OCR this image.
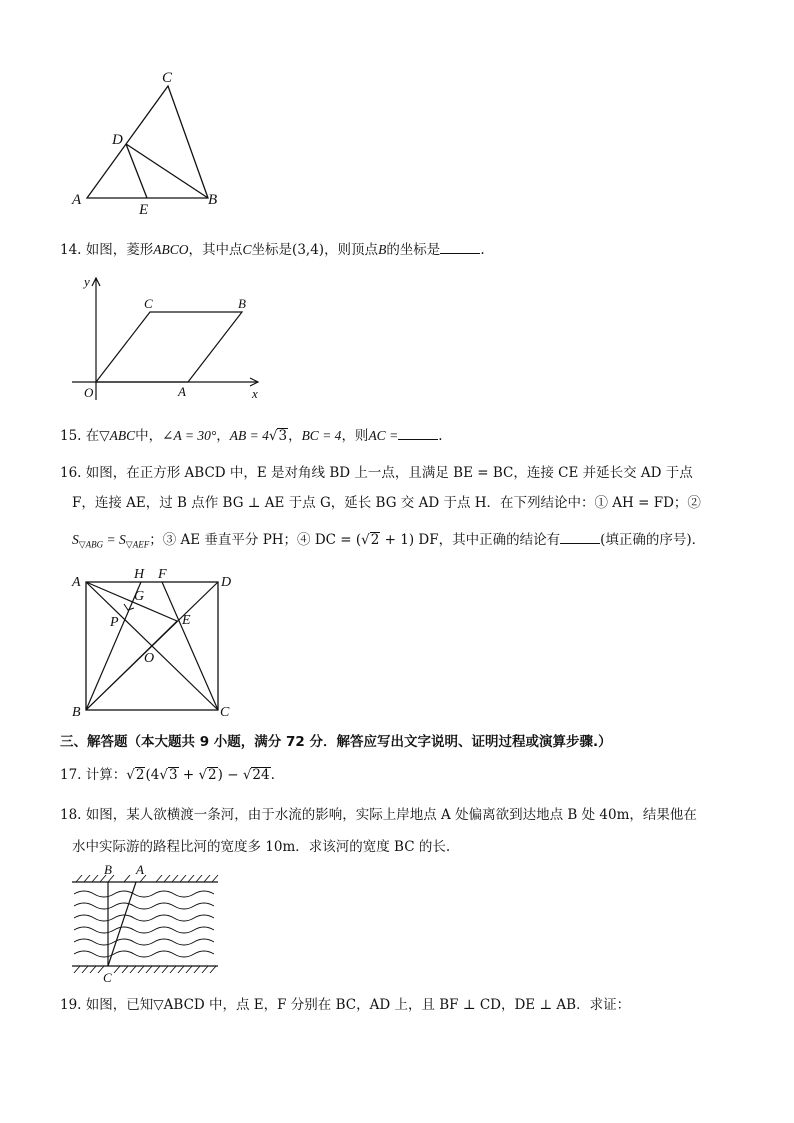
C
D
A
E
B
14. 如图，菱形ABCO，其中点C坐标是(3,4)，则顶点B的坐标是	.
y
x
O	A
C	B
15. 在▽ABC中，∠A = 30°，AB = 4√3，BC = 4，则AC =	.
16. 如图，在正方形 ABCD 中，E 是对角线 BD 上一点，且满足 BE = BC，连接 CE 并延长交 AD 于点
F，连接 AE，过 B 点作 BG ⊥ AE 于点 G，延长 BG 交 AD 于点 H．在下列结论中：① AH = FD；②
$S_{▽ABG} = S_{▽AEF}$；③ AE 垂直平分 PH；④ DC = (√2 + 1) DF，其中正确的结论有	(填正确的序号)．
A
H F
D
G
P	E
O
B	C
三、解答题（本大题共 9 小题，满分 72 分．解答应写出文字说明、证明过程或演算步骤.）
17. 计算：√2(4√3 + √2) − √24.
18. 如图，某人欲横渡一条河，由于水流的影响，实际上岸地点 A 处偏离欲到达地点 B 处 40m，结果他在
水中实际游的路程比河的宽度多 10m．求该河的宽度 BC 的长.
B A
C
19. 如图，已知▽ABCD 中，点 E，F 分别在 BC，AD 上，且 BF ⊥ CD，DE ⊥ AB．求证：
